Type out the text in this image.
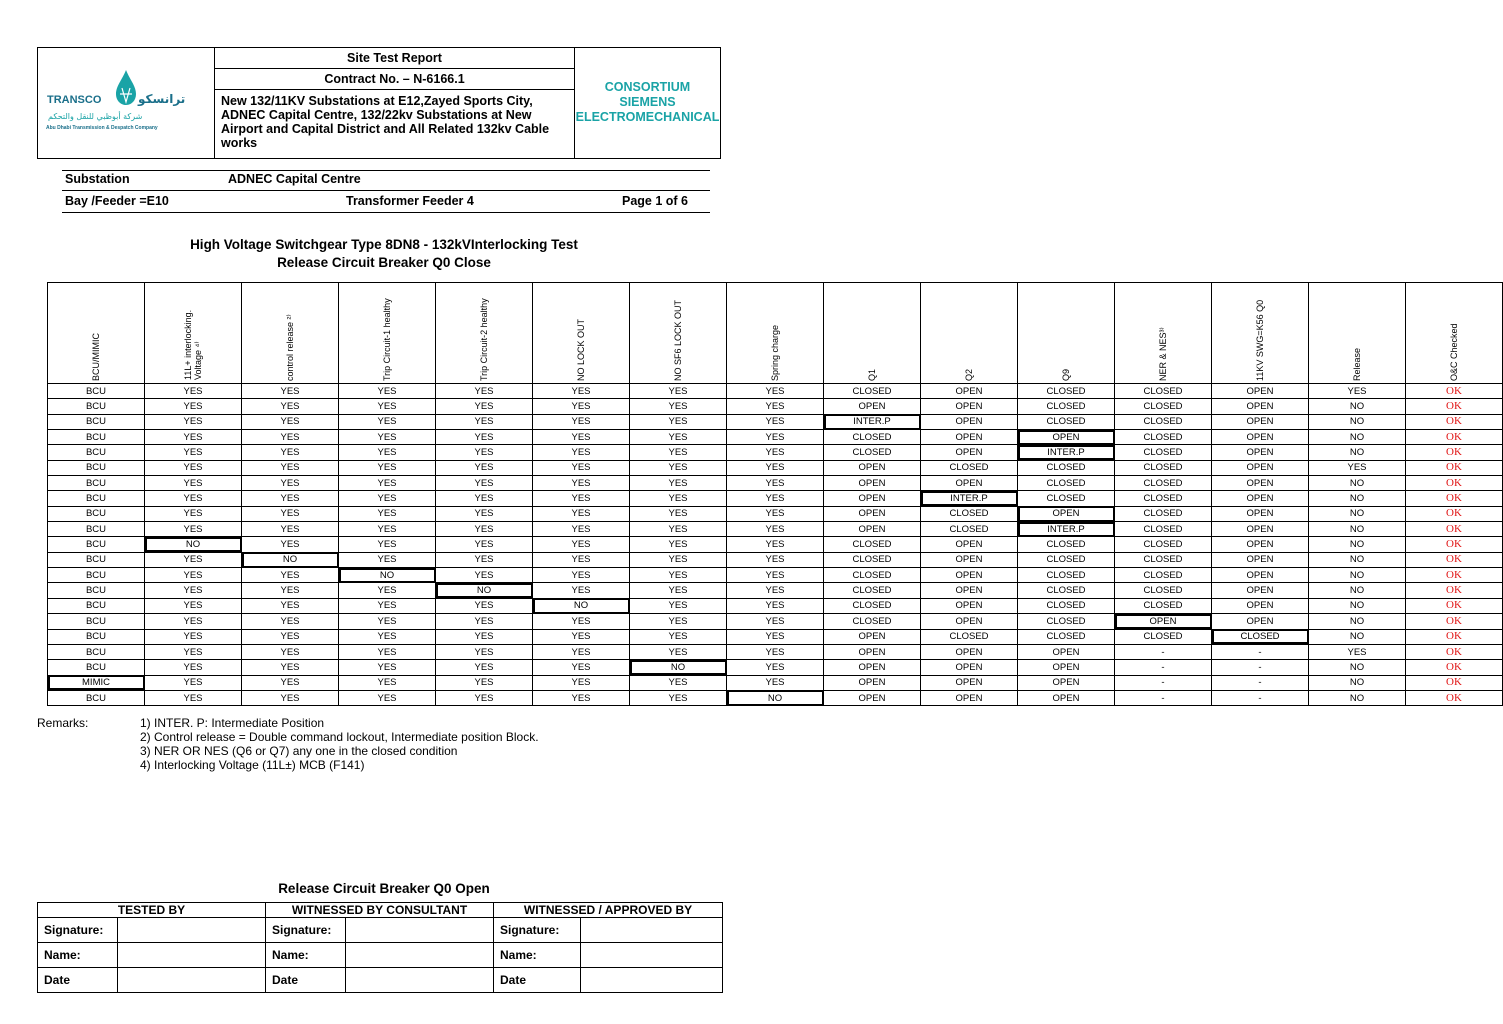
TRANSCO	ترانسكو
شركة أبوظبي للنقل والتحكم
Abu Dhabi Transmission & Despatch Company
Site Test Report
Contract No. – N-6166.1
New 132/11KV Substations at E12,Zayed Sports City, ADNEC Capital Centre, 132/22kv Substations at New Airport and Capital District and All Related 132kv Cable works
CONSORTIUM
SIEMENS
ELECTROMECHANICAL
Substation	ADNEC Capital Centre
Bay /Feeder =E10	Transformer Feeder 4	Page 1 of 6
High Voltage Switchgear Type 8DN8 - 132kVInterlocking Test
Release Circuit Breaker Q0 Close
BCU/MIMIC	11L+ interlocking. Voltage ⁴⁾	control release ²⁾	Trip Circuit-1 healthy	Trip Circuit-2 healthy	NO LOCK OUT	NO SF6 LOCK OUT	Spring charge	Q1	Q2	Q9	NER & NES³⁾	11KV SWG=K56 Q0	Release	O&C Checked
BCU	YES	YES	YES	YES	YES	YES	YES	CLOSED	OPEN	CLOSED	CLOSED	OPEN	YES	OK
BCU	YES	YES	YES	YES	YES	YES	YES	OPEN	OPEN	CLOSED	CLOSED	OPEN	NO	OK
BCU	YES	YES	YES	YES	YES	YES	YES	INTER.P	OPEN	CLOSED	CLOSED	OPEN	NO	OK
BCU	YES	YES	YES	YES	YES	YES	YES	CLOSED	OPEN	OPEN	CLOSED	OPEN	NO	OK
BCU	YES	YES	YES	YES	YES	YES	YES	CLOSED	OPEN	INTER.P	CLOSED	OPEN	NO	OK
BCU	YES	YES	YES	YES	YES	YES	YES	OPEN	CLOSED	CLOSED	CLOSED	OPEN	YES	OK
BCU	YES	YES	YES	YES	YES	YES	YES	OPEN	OPEN	CLOSED	CLOSED	OPEN	NO	OK
BCU	YES	YES	YES	YES	YES	YES	YES	OPEN	INTER.P	CLOSED	CLOSED	OPEN	NO	OK
BCU	YES	YES	YES	YES	YES	YES	YES	OPEN	CLOSED	OPEN	CLOSED	OPEN	NO	OK
BCU	YES	YES	YES	YES	YES	YES	YES	OPEN	CLOSED	INTER.P	CLOSED	OPEN	NO	OK
BCU	NO	YES	YES	YES	YES	YES	YES	CLOSED	OPEN	CLOSED	CLOSED	OPEN	NO	OK
BCU	YES	NO	YES	YES	YES	YES	YES	CLOSED	OPEN	CLOSED	CLOSED	OPEN	NO	OK
BCU	YES	YES	NO	YES	YES	YES	YES	CLOSED	OPEN	CLOSED	CLOSED	OPEN	NO	OK
BCU	YES	YES	YES	NO	YES	YES	YES	CLOSED	OPEN	CLOSED	CLOSED	OPEN	NO	OK
BCU	YES	YES	YES	YES	NO	YES	YES	CLOSED	OPEN	CLOSED	CLOSED	OPEN	NO	OK
BCU	YES	YES	YES	YES	YES	YES	YES	CLOSED	OPEN	CLOSED	OPEN	OPEN	NO	OK
BCU	YES	YES	YES	YES	YES	YES	YES	OPEN	CLOSED	CLOSED	CLOSED	CLOSED	NO	OK
BCU	YES	YES	YES	YES	YES	YES	YES	OPEN	OPEN	OPEN	-	-	YES	OK
BCU	YES	YES	YES	YES	YES	NO	YES	OPEN	OPEN	OPEN	-	-	NO	OK
MIMIC	YES	YES	YES	YES	YES	YES	YES	OPEN	OPEN	OPEN	-	-	NO	OK
BCU	YES	YES	YES	YES	YES	YES	NO	OPEN	OPEN	OPEN	-	-	NO	OK
Remarks:	1) INTER. P: Intermediate Position
2) Control release = Double command lockout, Intermediate position Block.
3) NER OR NES (Q6 or Q7) any one in the closed condition
4) Interlocking Voltage (11L±) MCB (F141)
Release Circuit Breaker Q0 Open
TESTED BY		WITNESSED BY CONSULTANT		WITNESSED / APPROVED BY	
Signature:		Signature:		Signature:	
Name:		Name:		Name:	
Date		Date		Date	
